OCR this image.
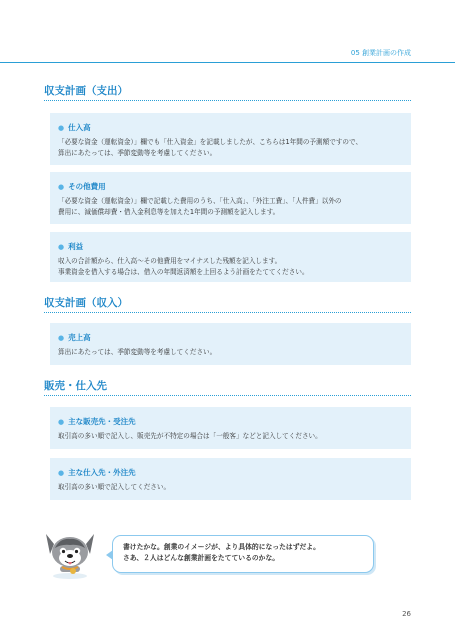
05 創業計画の作成
収支計画（支出）
● 仕入高
「必要な資金（運転資金）」欄でも「仕入資金」を記載しましたが、こちらは1年間の予測額ですので、
算出にあたっては、季節変動等を考慮してください。
● その他費用
「必要な資金（運転資金）」欄で記載した費用のうち、「仕入高」、「外注工費」、「人件費」以外の
費用に、減価償却費・借入金利息等を加えた1年間の予測額を記入します。
● 利益
収入の合計額から、仕入高〜その他費用をマイナスした残額を記入します。
事業資金を借入する場合は、借入の年間返済額を上回るよう計画をたててください。
収支計画（収入）
● 売上高
算出にあたっては、季節変動等を考慮してください。
販売・仕入先
● 主な販売先・受注先
取引高の多い順で記入し、販売先が不特定の場合は「一般客」などと記入してください。
● 主な仕入先・外注先
取引高の多い順で記入してください。
書けたかな。創業のイメージが、より具体的になったはずだよ。
さあ、２人はどんな創業計画をたてているのかな。
26
